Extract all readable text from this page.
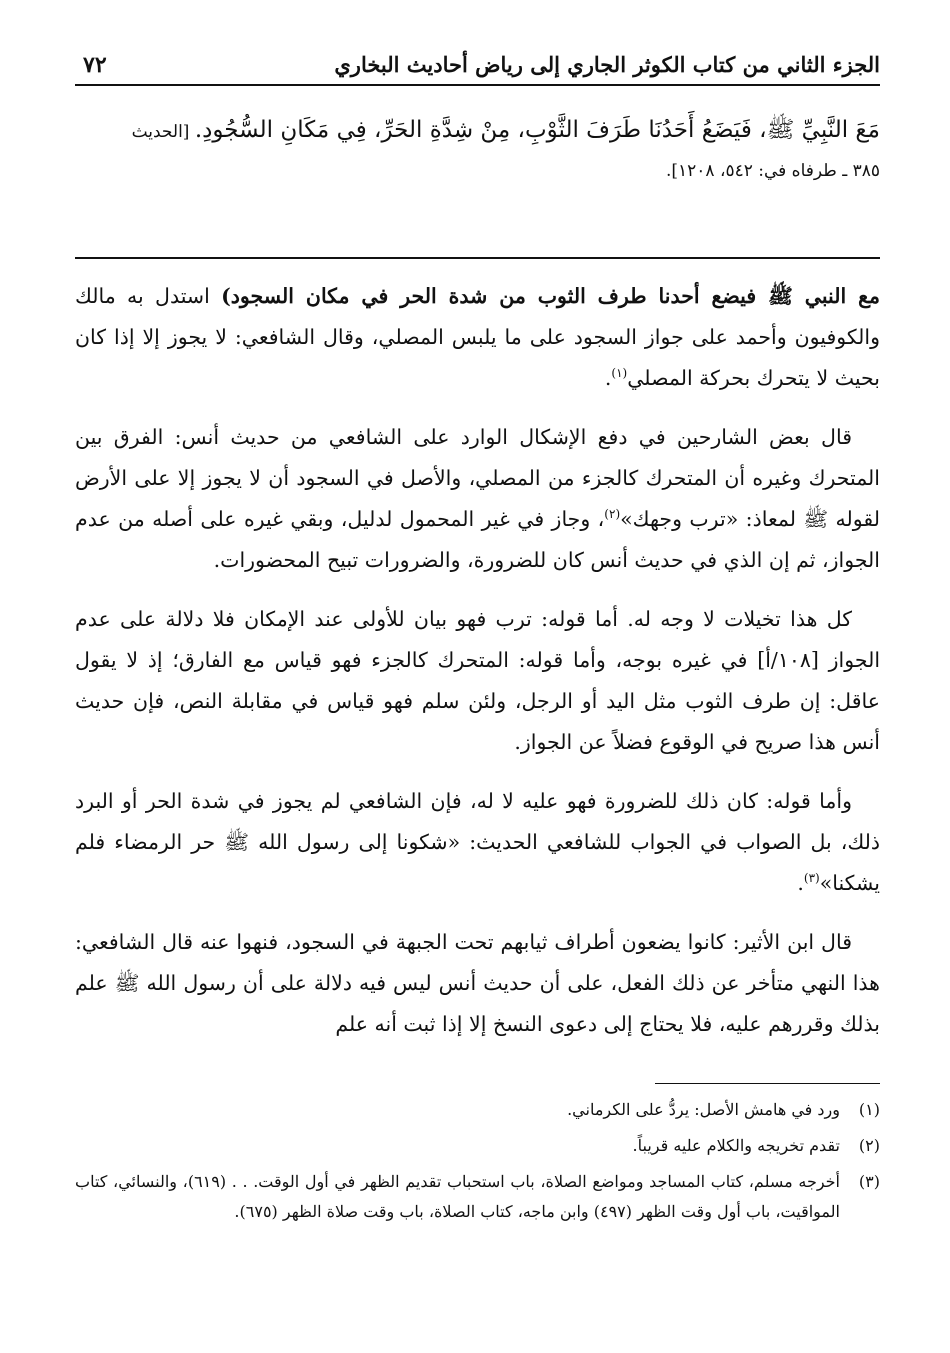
الجزء الثاني من كتاب الكوثر الجاري إلى رياض أحاديث البخاري
٧٢
مَعَ النَّبِيِّ ﷺ، فَيَضَعُ أَحَدُنَا طَرَفَ الثَّوْبِ، مِنْ شِدَّةِ الحَرِّ، فِي مَكَانِ السُّجُودِ. [الحديث
٣٨٥ ـ طرفاه في: ٥٤٢، ١٢٠٨].

مع النبي ﷺ فيضع أحدنا طرف الثوب من شدة الحر في مكان السجود) استدل به مالك والكوفيون وأحمد على جواز السجود على ما يلبس المصلي، وقال الشافعي: لا يجوز إلا إذا كان بحيث لا يتحرك بحركة المصلي$^{(١)}$.

قال بعض الشارحين في دفع الإشكال الوارد على الشافعي من حديث أنس: الفرق بين المتحرك وغيره أن المتحرك كالجزء من المصلي، والأصل في السجود أن لا يجوز إلا على الأرض لقوله ﷺ لمعاذ: «ترب وجهك»$^{(٢)}$، وجاز في غير المحمول لدليل، وبقي غيره على أصله من عدم الجواز، ثم إن الذي في حديث أنس كان للضرورة، والضرورات تبيح المحضورات.

كل هذا تخيلات لا وجه له. أما قوله: ترب فهو بيان للأولى عند الإمكان فلا دلالة على عدم الجواز [١٠٨/أ] في غيره بوجه، وأما قوله: المتحرك كالجزء فهو قياس مع الفارق؛ إذ لا يقول عاقل: إن طرف الثوب مثل اليد أو الرجل، ولئن سلم فهو قياس في مقابلة النص، فإن حديث أنس هذا صريح في الوقوع فضلاً عن الجواز.

وأما قوله: كان ذلك للضرورة فهو عليه لا له، فإن الشافعي لم يجوز في شدة الحر أو البرد ذلك، بل الصواب في الجواب للشافعي الحديث: «شكونا إلى رسول الله ﷺ حر الرمضاء فلم يشكنا»$^{(٣)}$.

قال ابن الأثير: كانوا يضعون أطراف ثيابهم تحت الجبهة في السجود، فنهوا عنه قال الشافعي: هذا النهي متأخر عن ذلك الفعل، على أن حديث أنس ليس فيه دلالة على أن رسول الله ﷺ علم بذلك وقررهم عليه، فلا يحتاج إلى دعوى النسخ إلا إذا ثبت أنه علم

(١)
ورد في هامش الأصل: يردُّ على الكرماني.
(٢)
تقدم تخريجه والكلام عليه قريباً.
(٣)
أخرجه مسلم، كتاب المساجد ومواضع الصلاة، باب استحباب تقديم الظهر في أول الوقت. . . (٦١٩)، والنسائي، كتاب المواقيت، باب أول وقت الظهر (٤٩٧) وابن ماجه، كتاب الصلاة، باب وقت صلاة الظهر (٦٧٥).
